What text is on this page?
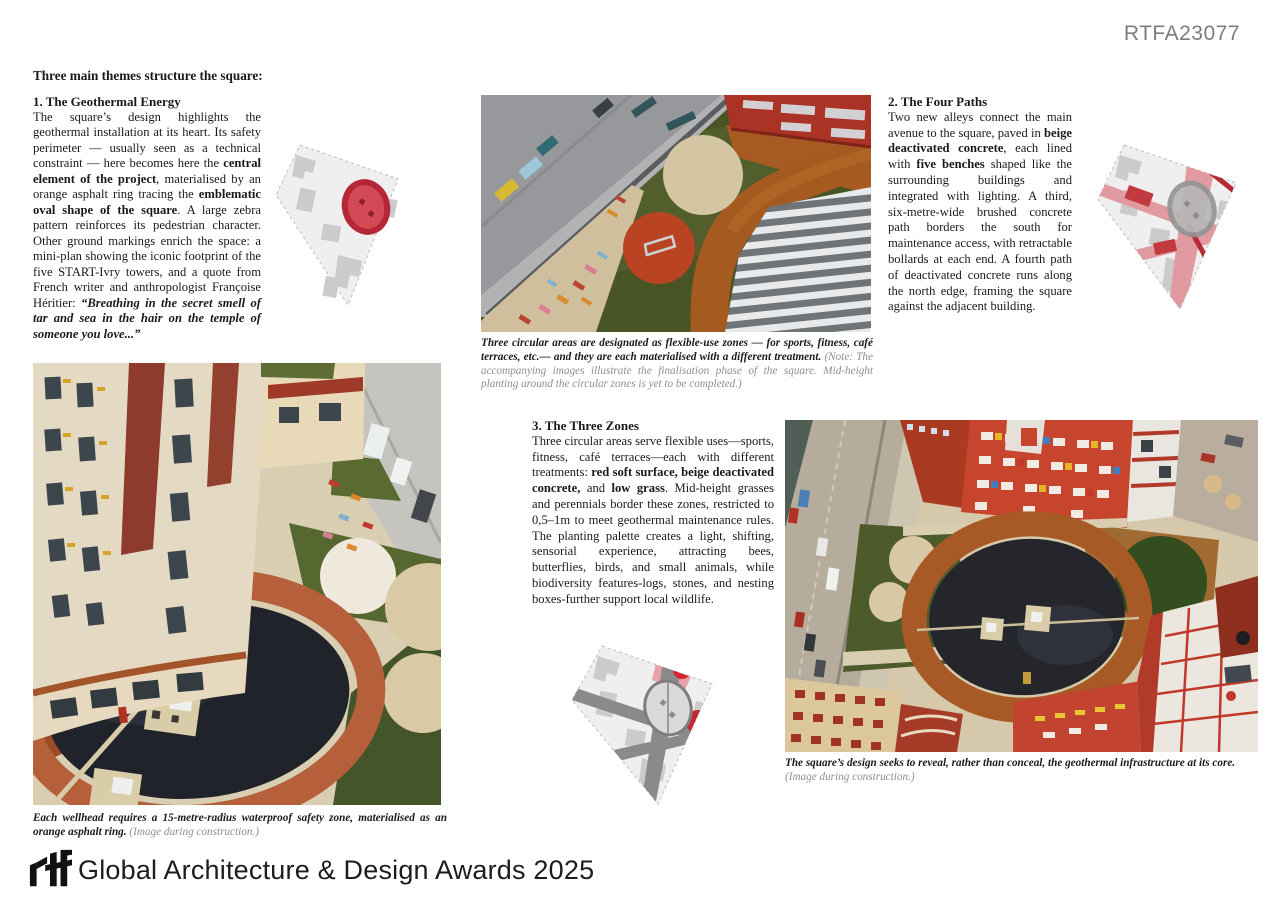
RTFA23077
Three main themes structure the square:
1. The Geothermal Energy
The square’s design highlights the geothermal installation at its heart. Its safety perimeter — usually seen as a technical constraint — here becomes here the central element of the project, materialised by an orange asphalt ring tracing the emblematic oval shape of the square. A large zebra pattern reinforces its pedestrian character. Other ground markings enrich the space: a mini-plan showing the iconic footprint of the five START-Ivry towers, and a quote from French writer and anthropologist Françoise Héritier: “Breathing in the secret smell of tar and sea in the hair on the temple of someone you love...”
Three circular areas are designated as flexible-use zones — for sports, fitness, café terraces, etc.— and they are each materialised with a different treatment. (Note: The accompanying images illustrate the finalisation phase of the square. Mid-height planting around the circular zones is yet to be completed.)
2. The Four Paths
Two new alleys connect the main avenue to the square, paved in beige deactivated concrete, each lined with five benches shaped like the surrounding buildings and integrated with lighting. A third, six-metre-wide brushed concrete path borders the south for maintenance access, with retractable bollards at each end. A fourth path of deactivated concrete runs along the north edge, framing the square against the adjacent building.
Each wellhead requires a 15-metre-radius waterproof safety zone, materialised as an orange asphalt ring. (Image during construction.)
3. The Three Zones
Three circular areas serve flexible uses—sports, fitness, café terraces—each with different treatments: red soft surface, beige deactivated concrete, and low grass. Mid-height grasses and perennials border these zones, restricted to 0,5–1m to meet geothermal maintenance rules. The planting palette creates a light, shifting, sensorial experience, attracting bees, butterflies, birds, and small animals, while biodiversity features-logs, stones, and nesting boxes-further support local wildlife.
The square’s design seeks to reveal, rather than conceal, the geothermal infrastructure at its core.
(Image during construction.)
Global Architecture & Design Awards 2025
